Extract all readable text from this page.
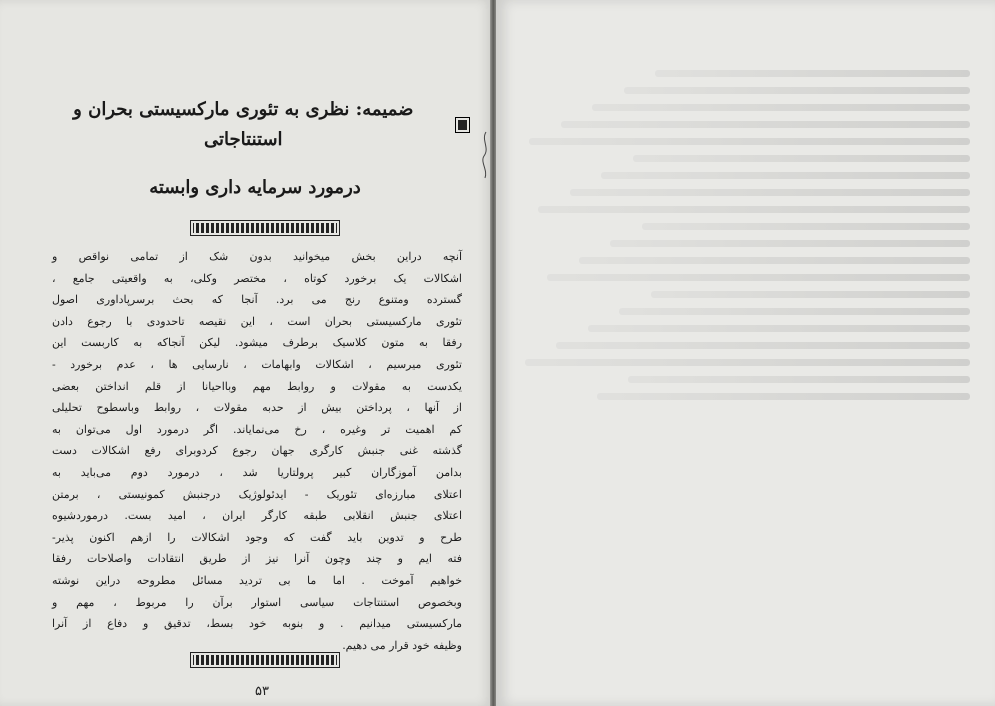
ضمیمه: نظری به تئوری مارکسیستی بحران و استنتاجاتی
درمورد سرمایه داری وابسته

آنچه دراین بخش میخوانید بدون شک از تمامی نواقص و

اشکالات یک برخورد کوتاه ، مختصر وکلی، به واقعیتی جامع ،

گسترده ومتنوع رنج می برد. آنجا که بحث برسرپاداوری اصول

تئوری مارکسیستی بحران است ، این نقیصه تاحدودی با رجوع دادن

رفقا به متون کلاسیک برطرف میشود. لیکن آنجاکه به کاربست این

تئوری میرسیم ، اشکالات وابهامات ، نارسایی ها ، عدم برخورد -

یکدست به مقولات و روابط مهم وبااحیانا از قلم انداختن بعضی

از آنها ، پرداختن بیش از حدبه مقولات ، روابط وباسطوح تحلیلی

کم اهمیت تر وغیره ، رخ می‌نمایاند. اگر درمورد اول می‌توان به

گذشته غنی جنبش کارگری جهان رجوع کردوبرای رفع اشکالات دست

بدامن آموزگاران کبیر پرولتاریا شد ، درمورد دوم می‌باید به

اعتلای مبارزه‌ای تئوریک - ایدئولوژیک درجنبش کمونیستی ، برمتن

اعتلای جنبش انقلابی طبقه کارگر ایران ، امید بست. درموردشیوه

طرح و تدوین باید گفت که وجود اشکالات را ازهم اکنون پذیر-

فته ایم و چند وچون آنرا نیز از طریق انتقادات واصلاحات رفقا

خواهیم آموخت . اما ما بی تردید مسائل مطروحه دراین نوشته

وبخصوص استنتاجات سیاسی استوار برآن را مربوط ، مهم و

مارکسیستی میدانیم . و بنوبه خود بسط، تدقیق و دفاع از آنرا

وظیفه خود قرار می دهیم.

۵۳
